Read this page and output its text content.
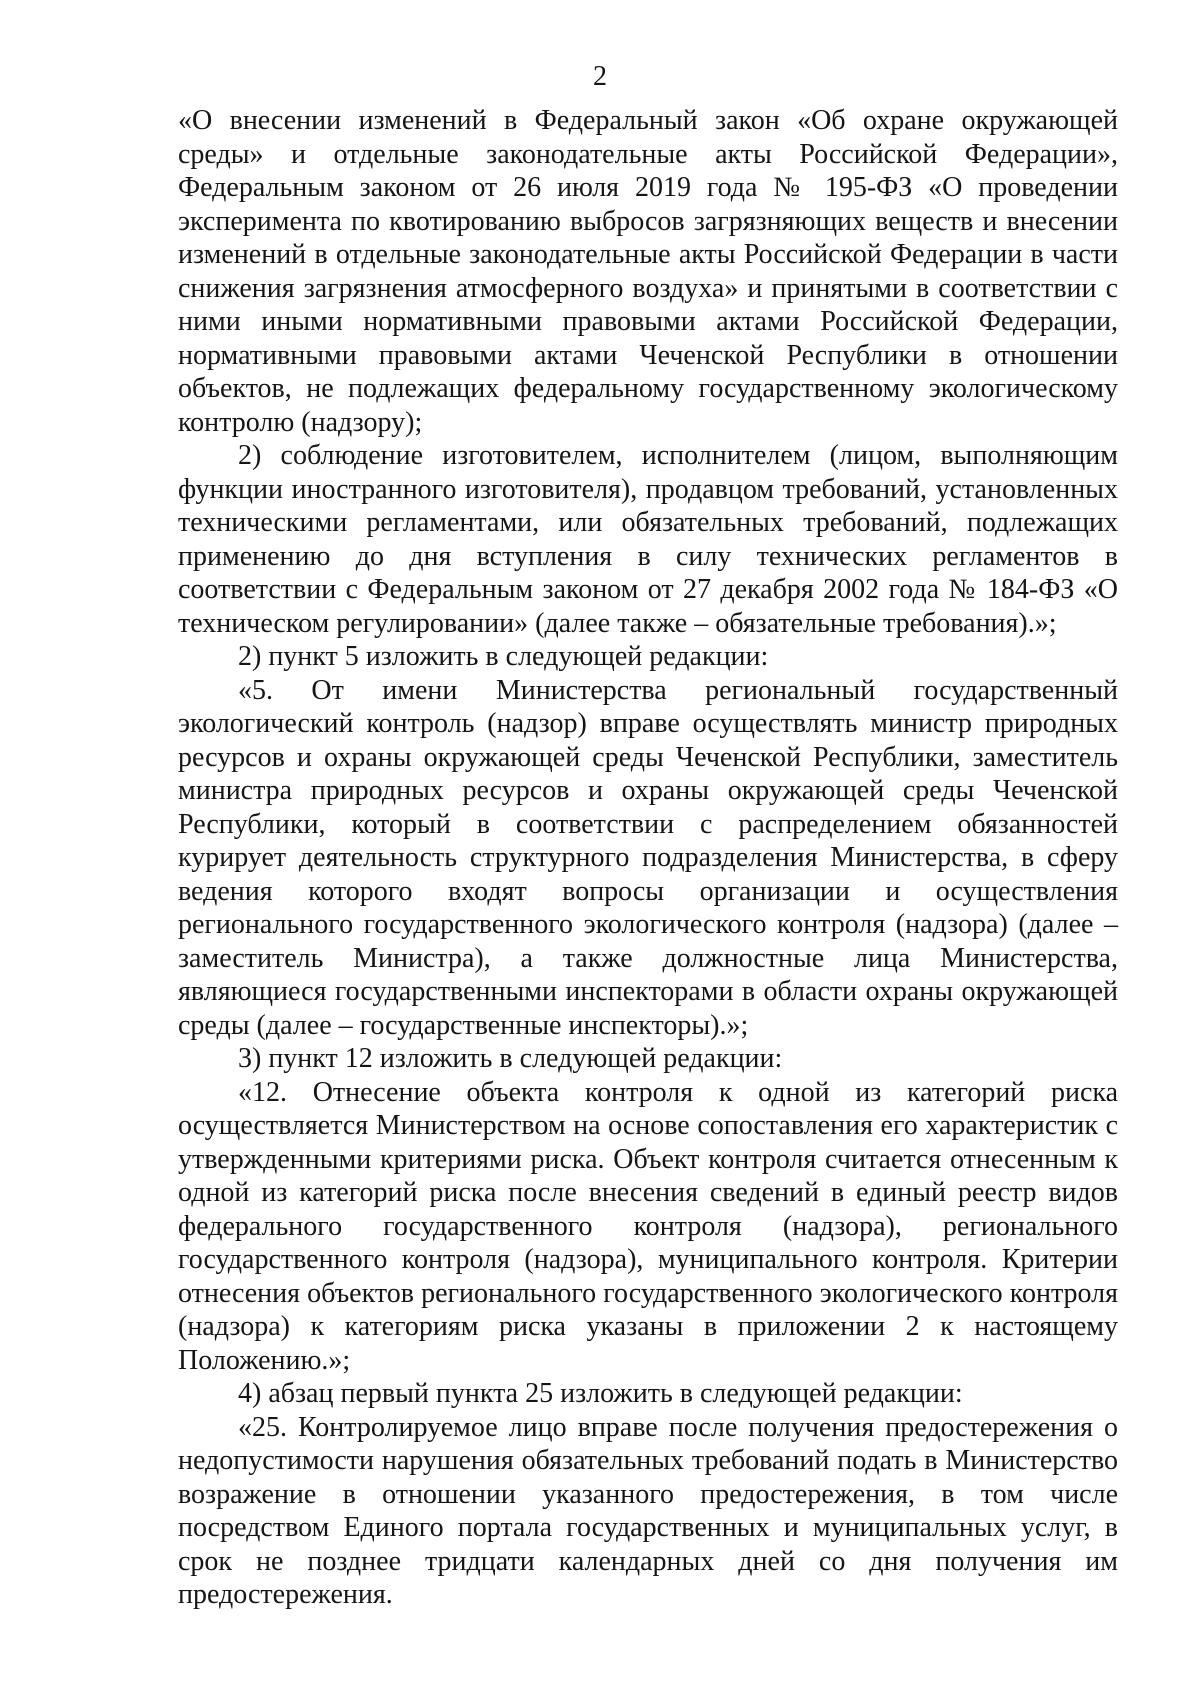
2

«О внесении изменений в Федеральный закон «Об охране окружающей среды» и отдельные законодательные акты Российской Федерации», Федеральным законом от 26 июля 2019 года № 195-ФЗ «О проведении эксперимента по квотированию выбросов загрязняющих веществ и внесении изменений в отдельные законодательные акты Российской Федерации в части снижения загрязнения атмосферного воздуха» и принятыми в соответствии с ними иными нормативными правовыми актами Российской Федерации, нормативными правовыми актами Чеченской Республики в отношении объектов, не подлежащих федеральному государственному экологическому контролю (надзору);

2) соблюдение изготовителем, исполнителем (лицом, выполняющим функции иностранного изготовителя), продавцом требований, установленных техническими регламентами, или обязательных требований, подлежащих применению до дня вступления в силу технических регламентов в соответствии с Федеральным законом от 27 декабря 2002 года № 184-ФЗ «О техническом регулировании» (далее также – обязательные требования).»;

2) пункт 5 изложить в следующей редакции:

«5. От имени Министерства региональный государственный экологический контроль (надзор) вправе осуществлять министр природных ресурсов и охраны окружающей среды Чеченской Республики, заместитель министра природных ресурсов и охраны окружающей среды Чеченской Республики, который в соответствии с распределением обязанностей курирует деятельность структурного подразделения Министерства, в сферу ведения которого входят вопросы организации и осуществления регионального государственного экологического контроля (надзора) (далее – заместитель Министра), а также должностные лица Министерства, являющиеся государственными инспекторами в области охраны окружающей среды (далее – государственные инспекторы).»;

3) пункт 12 изложить в следующей редакции:

«12. Отнесение объекта контроля к одной из категорий риска осуществляется Министерством на основе сопоставления его характеристик с утвержденными критериями риска. Объект контроля считается отнесенным к одной из категорий риска после внесения сведений в единый реестр видов федерального государственного контроля (надзора), регионального государственного контроля (надзора), муниципального контроля. Критерии отнесения объектов регионального государственного экологического контроля (надзора) к категориям риска указаны в приложении 2 к настоящему Положению.»;

4) абзац первый пункта 25 изложить в следующей редакции:

«25. Контролируемое лицо вправе после получения предостережения о недопустимости нарушения обязательных требований подать в Министерство возражение в отношении указанного предостережения, в том числе посредством Единого портала государственных и муниципальных услуг, в срок не позднее тридцати календарных дней со дня получения им предостережения.
